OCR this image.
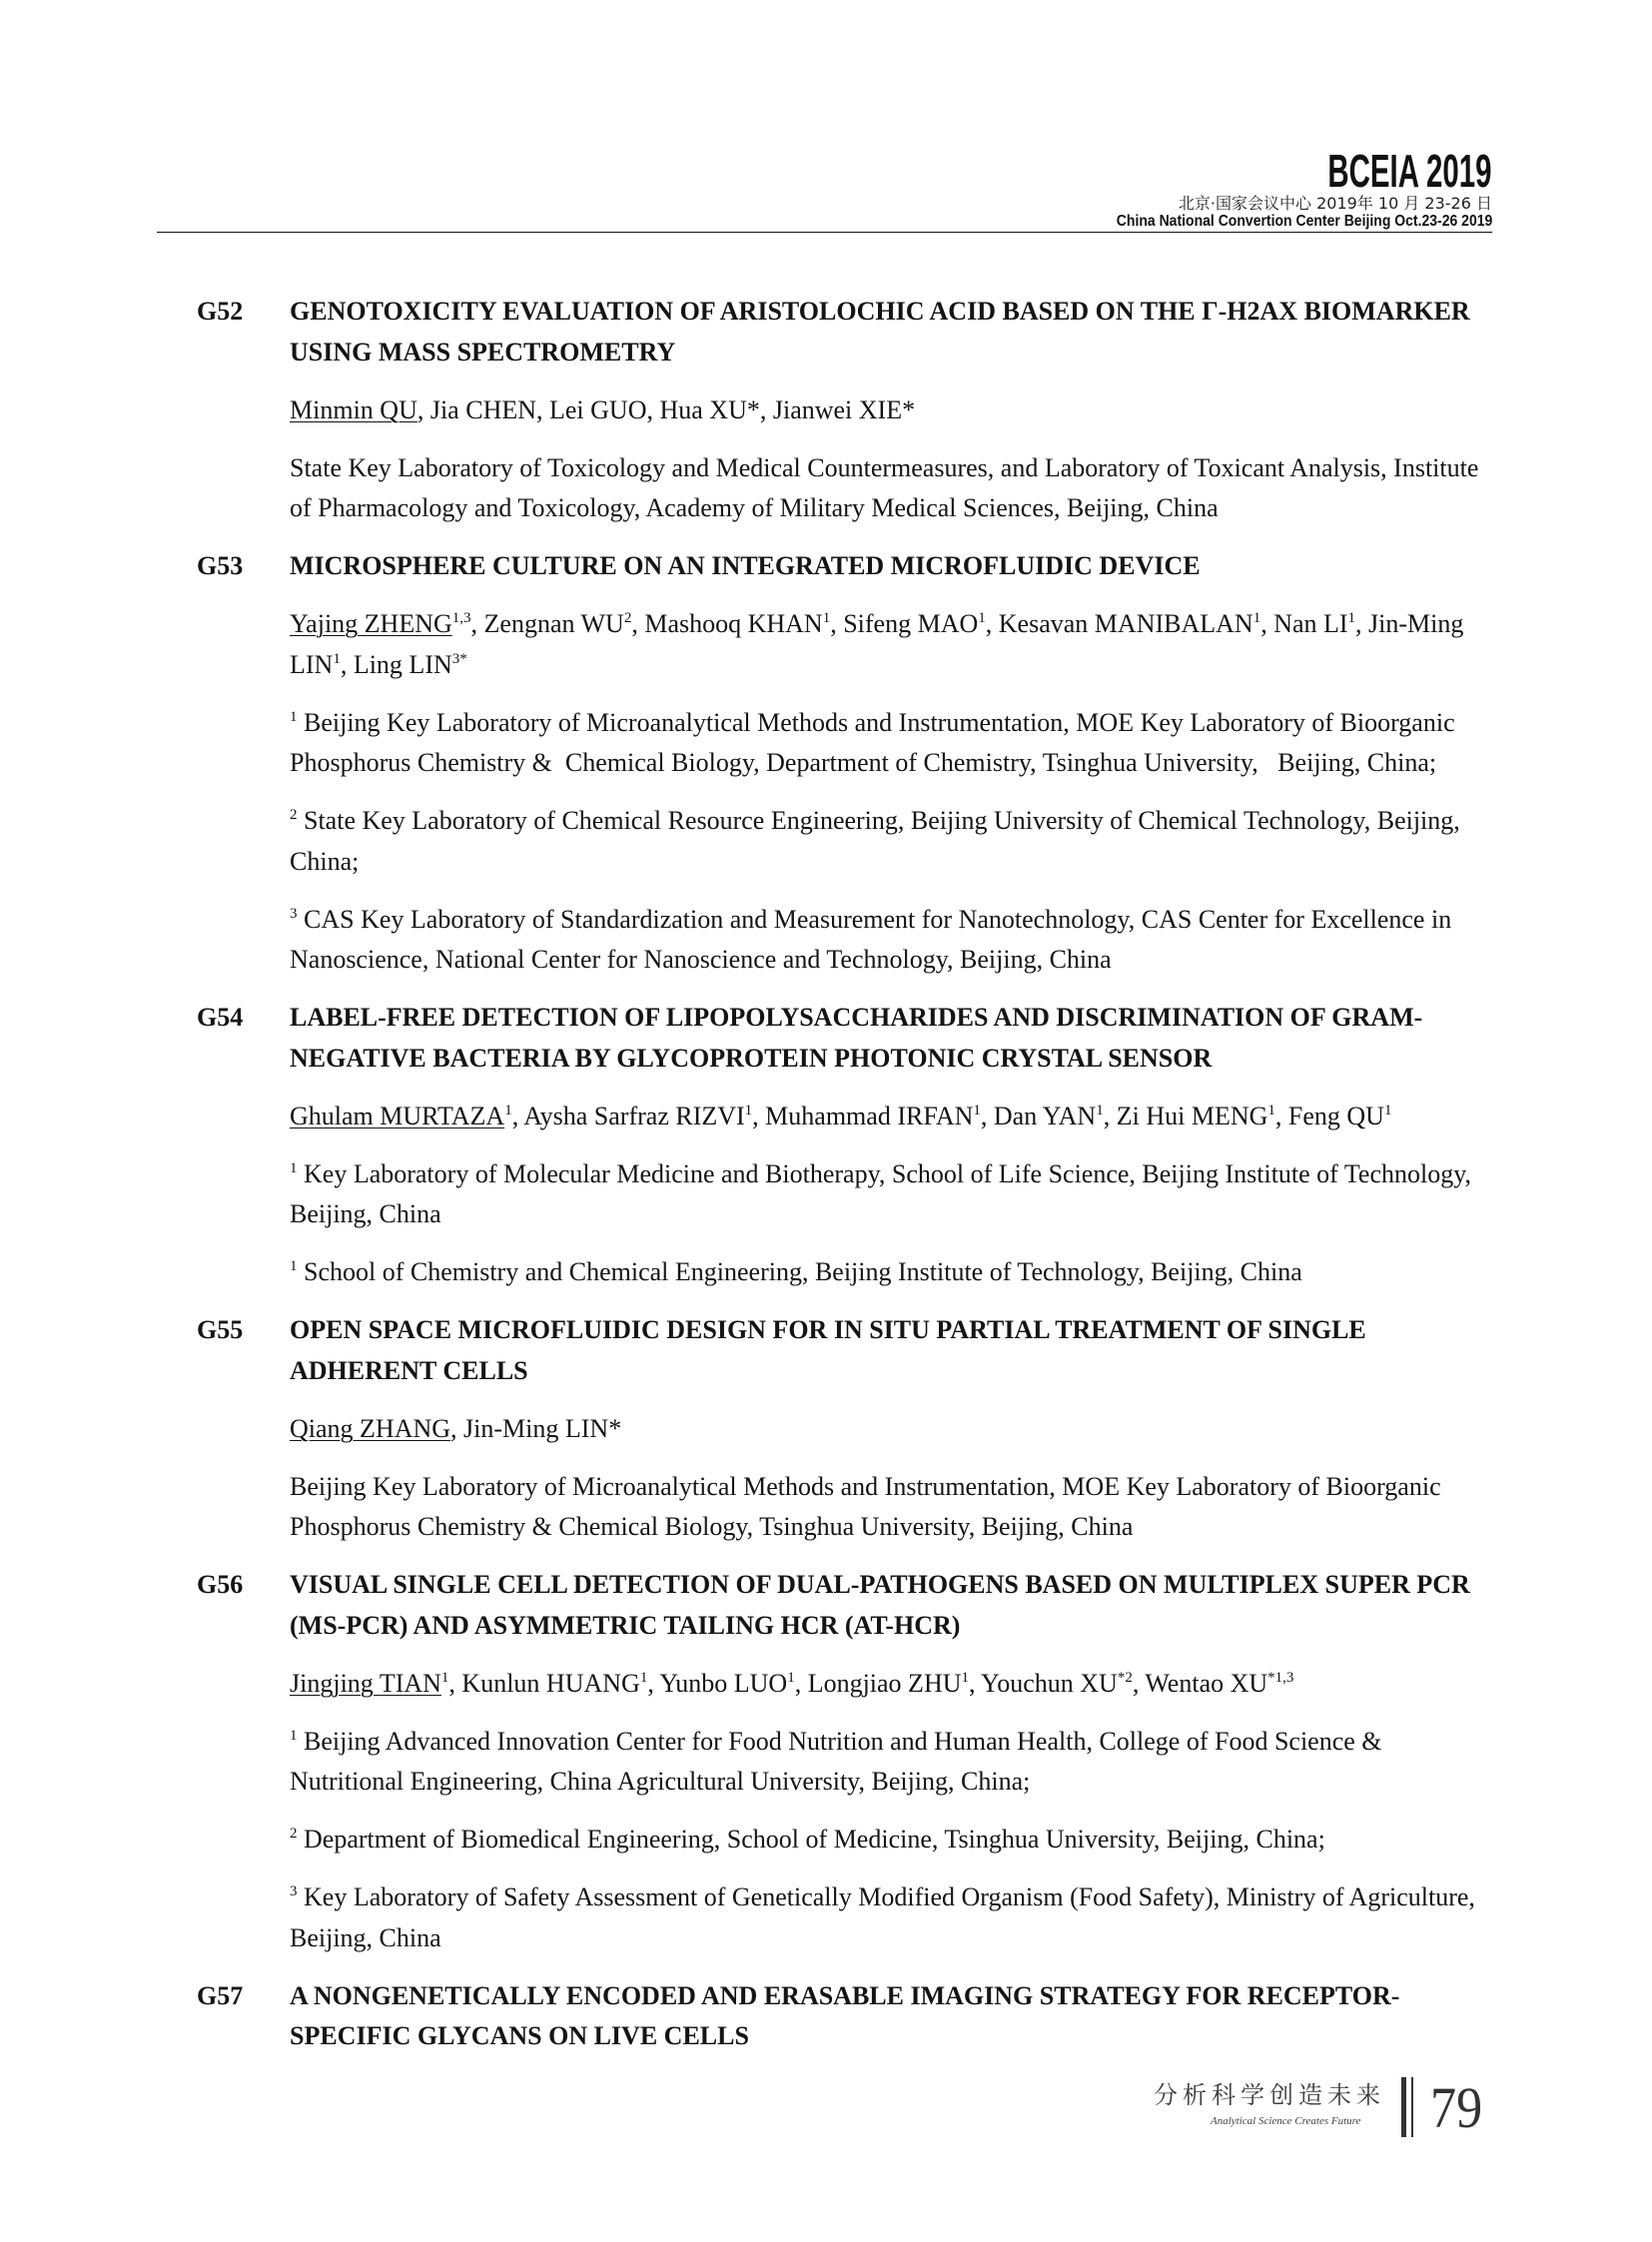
BCEIA 2019
北京·国家会议中心 2019年 10 月 23-26 日
China National Convertion Center Beijing Oct.23-26 2019
G52	GENOTOXICITY EVALUATION OF ARISTOLOCHIC ACID BASED ON THE Γ-H2AX BIOMARKER
USING MASS SPECTROMETRY
Minmin QU, Jia CHEN, Lei GUO, Hua XU*, Jianwei XIE*
State Key Laboratory of Toxicology and Medical Countermeasures, and Laboratory of Toxicant Analysis, Institute
of Pharmacology and Toxicology, Academy of Military Medical Sciences, Beijing, China
G53	MICROSPHERE CULTURE ON AN INTEGRATED MICROFLUIDIC DEVICE
Yajing ZHENG$^{1,3}$, Zengnan $WU^2$, Mashooq KHAN$^1$, Sifeng MAO$^1$, Kesavan MANIBALAN$^1$, Nan $LI^1$, Jin-Ming
LIN$^1$, Ling $LIN^{3*}$
$^1$ Beijing Key Laboratory of Microanalytical Methods and Instrumentation, MOE Key Laboratory of Bioorganic
Phosphorus Chemistry &  Chemical Biology, Department of Chemistry, Tsinghua University,   Beijing, China;
$^2$ State Key Laboratory of Chemical Resource Engineering, Beijing University of Chemical Technology, Beijing,
China;
$^3$ CAS Key Laboratory of Standardization and Measurement for Nanotechnology, CAS Center for Excellence in
Nanoscience, National Center for Nanoscience and Technology, Beijing, China
G54	LABEL-FREE DETECTION OF LIPOPOLYSACCHARIDES AND DISCRIMINATION OF GRAM-
NEGATIVE BACTERIA BY GLYCOPROTEIN PHOTONIC CRYSTAL SENSOR
Ghulam MURTAZA$^1$, Aysha Sarfraz RIZVI$^1$, Muhammad IRFAN$^1$, Dan YAN$^1$, Zi Hui MENG$^1$, Feng $QU^1$
$^1$ Key Laboratory of Molecular Medicine and Biotherapy, School of Life Science, Beijing Institute of Technology,
Beijing, China
$^1$ School of Chemistry and Chemical Engineering, Beijing Institute of Technology, Beijing, China
G55	OPEN SPACE MICROFLUIDIC DESIGN FOR IN SITU PARTIAL TREATMENT OF SINGLE
ADHERENT CELLS
Qiang ZHANG, Jin-Ming LIN*
Beijing Key Laboratory of Microanalytical Methods and Instrumentation, MOE Key Laboratory of Bioorganic
Phosphorus Chemistry & Chemical Biology, Tsinghua University, Beijing, China
G56	VISUAL SINGLE CELL DETECTION OF DUAL-PATHOGENS BASED ON MULTIPLEX SUPER PCR
(MS-PCR) AND ASYMMETRIC TAILING HCR (AT-HCR)
Jingjing TIAN$^1$, Kunlun HUANG$^1$, Yunbo LUO$^1$, Longjiao ZHU$^1$, Youchun XU$^{*2}$, Wentao XU$^{*1,3}$
$^1$ Beijing Advanced Innovation Center for Food Nutrition and Human Health, College of Food Science &
Nutritional Engineering, China Agricultural University, Beijing, China;
$^2$ Department of Biomedical Engineering, School of Medicine, Tsinghua University, Beijing, China;
$^3$ Key Laboratory of Safety Assessment of Genetically Modified Organism (Food Safety), Ministry of Agriculture,
Beijing, China
G57	A NONGENETICALLY ENCODED AND ERASABLE IMAGING STRATEGY FOR RECEPTOR-
SPECIFIC GLYCANS ON LIVE CELLS
分析科学创造未来
Analytical Science Creates Future 79
